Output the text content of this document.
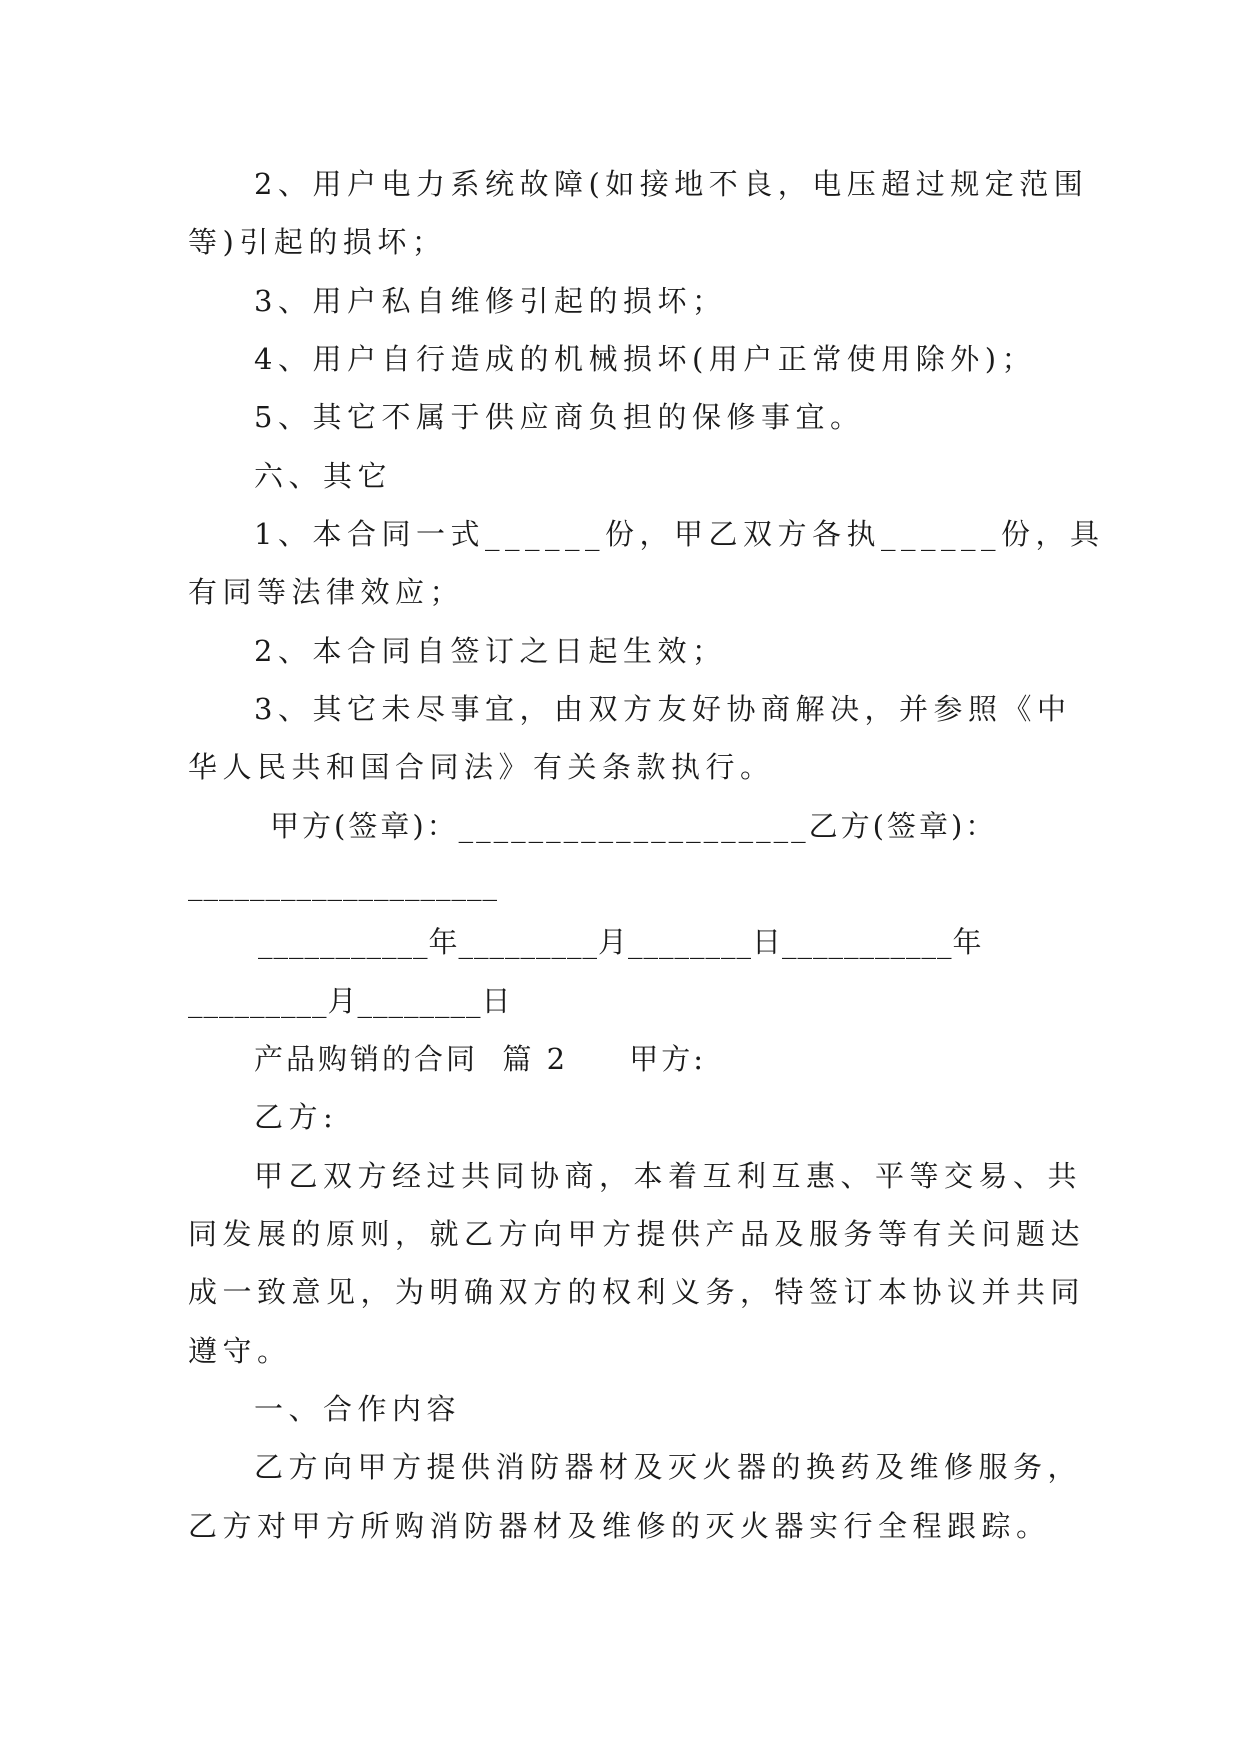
2、用户电力系统故障(如接地不良，电压超过规定范围
等)引起的损坏；
3、用户私自维修引起的损坏；
4、用户自行造成的机械损坏(用户正常使用除外)；
5、其它不属于供应商负担的保修事宜。
六、其它
1、本合同一式______份，甲乙双方各执______份，具
有同等法律效应；
2、本合同自签订之日起生效；
3、其它未尽事宜，由双方友好协商解决，并参照《中
华人民共和国合同法》有关条款执行。
甲方(签章)：____________________乙方(签章)：
____________________
___________年_________月________日___________年
_________月________日
产品购销的合同  篇 2     甲方:
乙方:
甲乙双方经过共同协商，本着互利互惠、平等交易、共
同发展的原则，就乙方向甲方提供产品及服务等有关问题达
成一致意见，为明确双方的权利义务，特签订本协议并共同
遵守。
一、合作内容
乙方向甲方提供消防器材及灭火器的换药及维修服务，
乙方对甲方所购消防器材及维修的灭火器实行全程跟踪。
